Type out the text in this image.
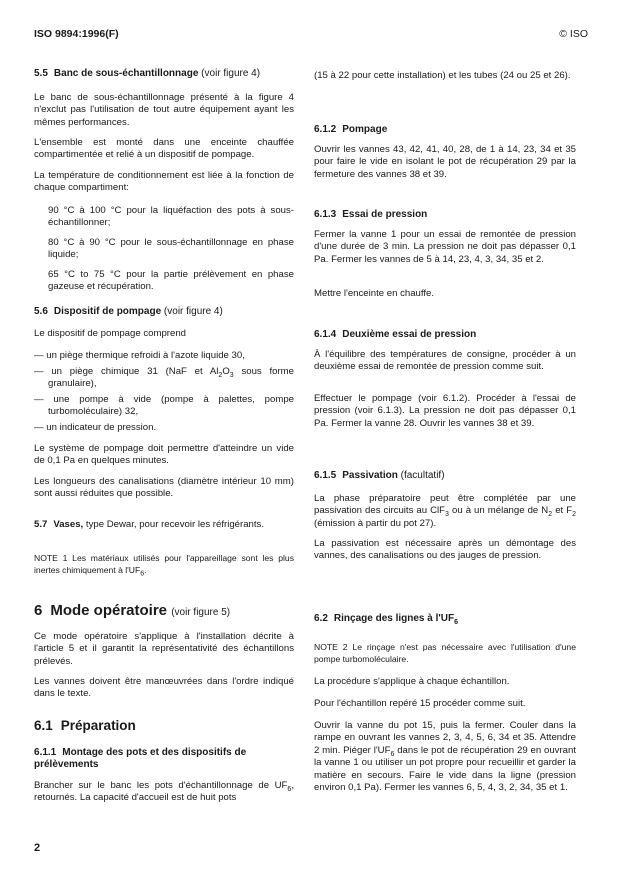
ISO 9894:1996(F)	© ISO
5.5 Banc de sous-échantillonnage (voir figure 4)

Le banc de sous-échantillonnage présenté à la figure 4 n'exclut pas l'utilisation de tout autre équipement ayant les mêmes performances.

L'ensemble est monté dans une enceinte chauffée compartimentée et relié à un dispositif de pompage.

La température de conditionnement est liée à la fonction de chaque compartiment:

90 °C à 100 °C pour la liquéfaction des pots à sous-échantillonner;

80 °C à 90 °C pour le sous-échantillonnage en phase liquide;

65 °C to 75 °C pour la partie prélèvement en phase gazeuse et récupération.

5.6 Dispositif de pompage (voir figure 4)

Le dispositif de pompage comprend

— un piège thermique refroidi à l'azote liquide 30,

— un piège chimique 31 (NaF et $Al_2O_3$ sous forme granulaire),

— une pompe à vide (pompe à palettes, pompe turbomoléculaire) 32,

— un indicateur de pression.

Le système de pompage doit permettre d'atteindre un vide de 0,1 Pa en quelques minutes.

Les longueurs des canalisations (diamètre intérieur 10 mm) sont aussi réduites que possible.

5.7 Vases, type Dewar, pour recevoir les réfrigérants.

NOTE 1 Les matériaux utilisés pour l'appareillage sont les plus inertes chimiquement à $l'UF_6$.

6 Mode opératoire (voir figure 5)

Ce mode opératoire s'applique à l'installation décrite à l'article 5 et il garantit la représentativité des échantillons prélevés.

Les vannes doivent être manœuvrées dans l'ordre indiqué dans le texte.

6.1 Préparation
6.1.1 Montage des pots et des dispositifs de prélèvements

Brancher sur le banc les pots d'échantillonnage de $UF_6$, retournés. La capacité d'accueil est de huit pots

(15 à 22 pour cette installation) et les tubes (24 ou 25 et 26).

6.1.2 Pompage

Ouvrir les vannes 43, 42, 41, 40, 28, de 1 à 14, 23, 34 et 35 pour faire le vide en isolant le pot de récupération 29 par la fermeture des vannes 38 et 39.

6.1.3 Essai de pression

Fermer la vanne 1 pour un essai de remontée de pression d'une durée de 3 min. La pression ne doit pas dépasser 0,1 Pa. Fermer les vannes de 5 à 14, 23, 4, 3, 34, 35 et 2.

Mettre l'enceinte en chauffe.

6.1.4 Deuxième essai de pression

À l'équilibre des températures de consigne, procéder à un deuxième essai de remontée de pression comme suit.

Effectuer le pompage (voir 6.1.2). Procéder à l'essai de pression (voir 6.1.3). La pression ne doit pas dépasser 0,1 Pa. Fermer la vanne 28. Ouvrir les vannes 38 et 39.

6.1.5 Passivation (facultatif)

La phase préparatoire peut être complétée par une passivation des circuits au ClF$_3$ ou à un mélange de $N_2$ et $F_2$ (émission à partir du pot 27).

La passivation est nécessaire après un démontage des vannes, des canalisations ou des jauges de pression.

6.2 Rinçage des lignes à $l'UF_6$

NOTE 2 Le rinçage n'est pas nécessaire avec l'utilisation d'une pompe turbomoléculaire.

La procédure s'applique à chaque échantillon.

Pour l'échantillon repéré 15 procéder comme suit.

Ouvrir la vanne du pot 15, puis la fermer. Couler dans la rampe en ouvrant les vannes 2, 3, 4, 5, 6, 34 et 35. Attendre 2 min. Piéger $l'UF_6$ dans le pot de récupération 29 en ouvrant la vanne 1 ou utiliser un pot propre pour recueillir et garder la matière en secours. Faire le vide dans la ligne (pression environ 0,1 Pa). Fermer les vannes 6, 5, 4, 3, 2, 34, 35 et 1.

2
